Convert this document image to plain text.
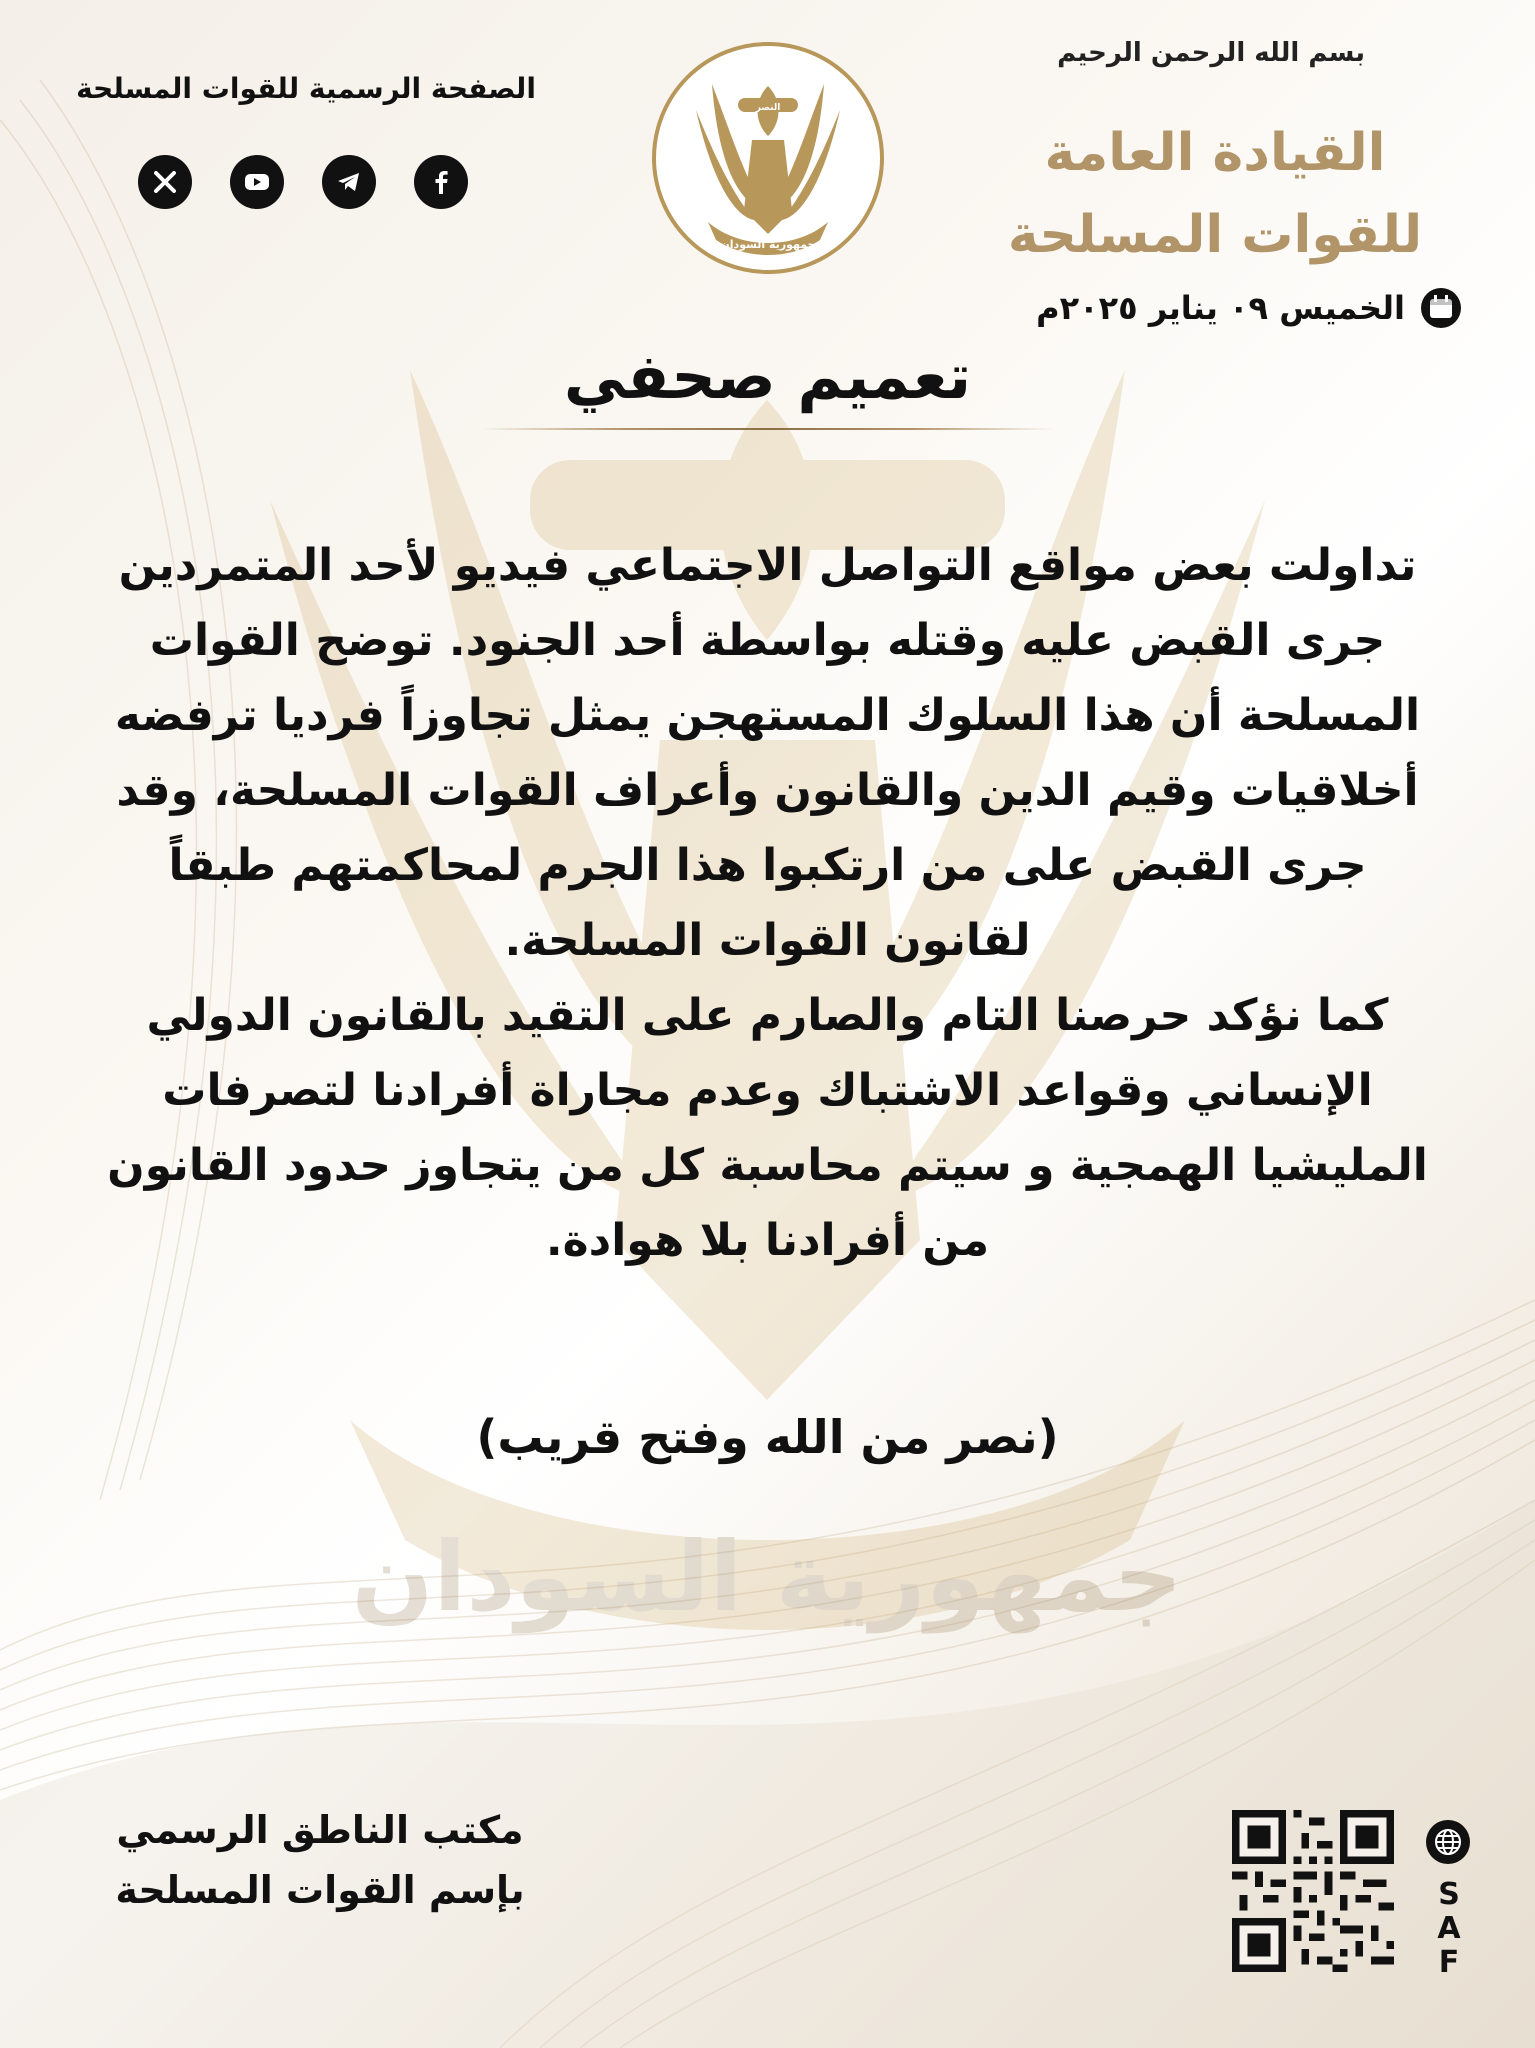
جمهورية السودان
بسم الله الرحمن الرحيم
القيادة العامة للقوات المسلحة
الخميس ٠٩ يناير ٢٠٢٥م
النصر
جمهورية السودان
الصفحة الرسمية للقوات المسلحة
تعميم صحفي

تداولت بعض مواقع التواصل الاجتماعي فيديو لأحد المتمردين جرى القبض عليه وقتله بواسطة أحد الجنود. توضح القوات المسلحة أن هذا السلوك المستهجن يمثل تجاوزاً فرديا ترفضه أخلاقيات وقيم الدين والقانون وأعراف القوات المسلحة، وقد جرى القبض على من ارتكبوا هذا الجرم لمحاكمتهم طبقاً لقانون القوات المسلحة.

كما نؤكد حرصنا التام والصارم على التقيد بالقانون الدولي الإنساني وقواعد الاشتباك وعدم مجاراة أفرادنا لتصرفات المليشيا الهمجية و سيتم محاسبة كل من يتجاوز حدود القانون من أفرادنا بلا هوادة.

(نصر من الله وفتح قريب)
مكتب الناطق الرسمي
بإسم القوات المسلحة	S
A
F
